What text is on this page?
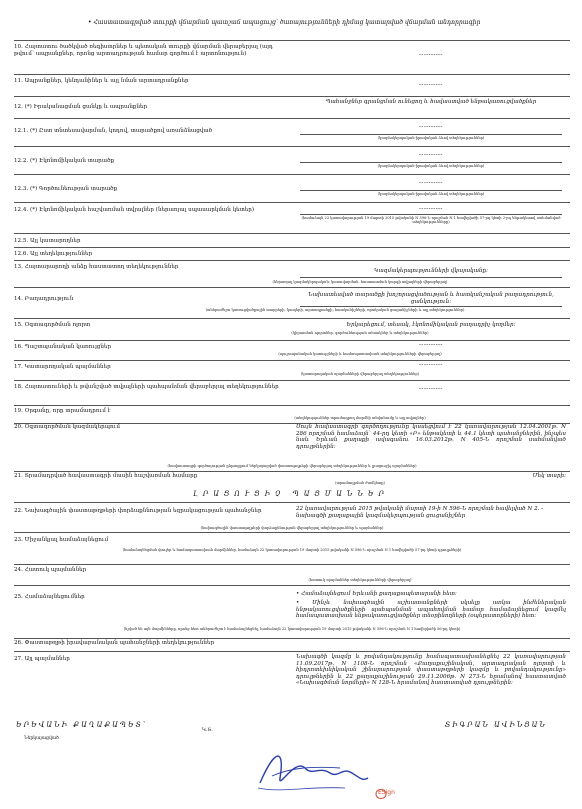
• Հաստատագրված տուրքի վճարման պատշաճ ապացույց՝ ծառայությունների դիմաց կատարված վճարման անդորրագիր
10. Հայտատու ծածկված ռեգիստրներ և պետական տուրքի վճարման վերաբերյալ (այդ թվում՝ ապրանքներ, որոնց արտադրության համար գործում է արտոնություն)	----------
11. Ապրանքներ, կենդանիներ և այլ նման արտադրանքներ
----------
12. (*) Իրականացման ցանկը և ապրանքներ
Պահանջներ գրանցման ունեցող և հավաստված ենթակառուցվածքներ
12.1. (*) Ըստ տնտեսավարման, կոդով, տարածքով առանձնացված
----------
(կազմակերպական-իրավական ձևով տեղեկություններ)
12.2. (*) Էկոնոմիկական տարածք
----------
(կազմակերպական-իրավական ձևով տեղեկություններ)
12.3. (*) Գործունեության տարածք
----------
(կազմակերպական-իրավական ձևով տեղեկություններ)
12.4. (*) Էկոնոմիկական հաշվառման տվյալներ (ներառյալ սպասարկման կետեր)	----------
(համաձայն 22 կառավարության 19 մարտի 2015 թվականի N 596-Ն որոշման N 1 հավելվածի 57-րդ կետի 2-րդ ենթակետով սահմանված տեղեկությունները)
12.5. Այլ կատարողներ
12.6. Այլ տեղեկություններ
13. Հայտարարողի անձը հաստատող տեղեկություններ
Կազմակերպությունների վկայականը:
(ներառյալ կազմակերպական, կառավարման, հաստատման կարգի տվյալների վերաբերյալ)
14. Բաղադրություն
Նախատեսված տարածքի խոշորացվածության և հատկանշական բաղադրություն, ցանկություն:
(անհրաժեշտ կառուցվածքային տարրերի, կապերի, արտադրանքի, հատկանիշների, որակական ցուցանիշների և այլ տեղեկություններ)
15. Օգտագործման ոլորտ	Երկարեցում, տեսակ, էկոնոմիկական բաղադրիչ կողմեր:
(կիրառման ոլորտներ, գործունեության տեսակներ և տեղեկություններ)
16. Պաշտպանական կառույցներ	----------
(պաշտպանական կառույցների և համապատասխան տեղեկությունների վերաբերյալ)
17. Կատարողական պայմաններ	----------
(կատարողական պայմանների վերաբերյալ տեղեկություններ)
18. Հայտատուների և թվանշված տվյալների պահպանման վերաբերյալ տեղեկություններ	----------
19. Օրգանը, որը տրամադրում է
(տեղեկություններ տրամադրող մարմնի անվանումը և այլ տվյալներ)
20. Օգտագործման կազմակերպում	Սույն հավաստագրի գործողությունը կասեցվում է 22 կառավարության 12.04.2001թ. N 286 որոշման համաձայն՝ 44-րդ կետի «Բ» ենթակետի և 44.1 կետի պահանջներին, ինչպես նաև Երևան քաղաքի ավագանու 16.03.2012թ. N 405-Ն որոշման սահմանված դրույթներին:
(հավաստագրի գործողության ընթացքում ներկայացված փաստաթղթերի վերաբերյալ տեղեկություններ և լրացուցիչ պայմաններ)
21. Տրամադրված հավաստագրի մասին հաշվառման համարը	Մեկ տարի:
(տրամադրման ժամկետը)
ԼՐԱՑՈՒՑԻՉ ՊԱՅՄԱՆՆԵՐ
22. Նախագծային փաստաթղթերի փորձաքննության եզրակացության պահանջներ	22 կառավարության 2015 թվականի մարտի 19-ի N 596-Ն որոշման հավելված N 2. - նախագծի քաղաքային կազմակերպության ցուցանիշներ
(նախագծային փաստաթղթերի փորձաքննության վերաբերյալ տեղեկություններ և պայմաններ)
23. Միջանկյալ համաձայնեցում
(համաձայնեցման փուլեր և համապատասխան մարմիններ, համաձայն 22 կառավարության 19 մարտի 2015 թվականի N 596-Ն որոշման N 1 հավելվածի 57-րդ կետի դրույթների)
24. Հատուկ պայմաններ
(հատուկ պայմաններ տեղեկությունների վերաբերյալ)
25. Համաձայնեցումներ	• Համաձայնեցում Երևանի քաղաքապետարանի հետ:
• Մինչև նախագծային աշխատանքների սկսելը առկա ինժեներական ենթակառուցվածքների պահպանման ապահովման համար համաձայնեցում կազմել համապատասխան ենթակառուցվածքներ տնօրինողների (օպերատորների) հետ:
(նշված են այն մարմինները, որոնց հետ անհրաժեշտ է համաձայնեցնել, համաձայն 22 կառավարության 19 մարտի 2015 թվականի N 596-Ն որոշման N 1 հավելվածի 56-րդ կետի)
26. Փաստաթղթի իրավաբանական պահանջների տեղեկություններ
27. Այլ պայմաններ	Նախագծի կազմը և բովանդակությունը համապատասխանեցնել 22 կառավարության 11.09.2017թ. N 1108-Ն որոշման «Քաղաքաշինական, արտադրական ոլորտի և հիդրոտեխնիկական շինարարության փաստաթղթերի կազմը և բովանդակությունը» դրույթներին և 22 քաղաքաշինության 29.11.2006թ. N 273-Ն հրամանով հաստատված «Նախագծման նորմերի» N 128-Ն հրամանով հաստատված դրույթներին:
ԵՐԵՎԱՆԻ ՔԱՂԱՔԱՊԵՏ՝
Ներկայացված
Կ.Տ.
ՏԻԳՐԱՆ ԱՎԻՆՅԱՆ
ESign
